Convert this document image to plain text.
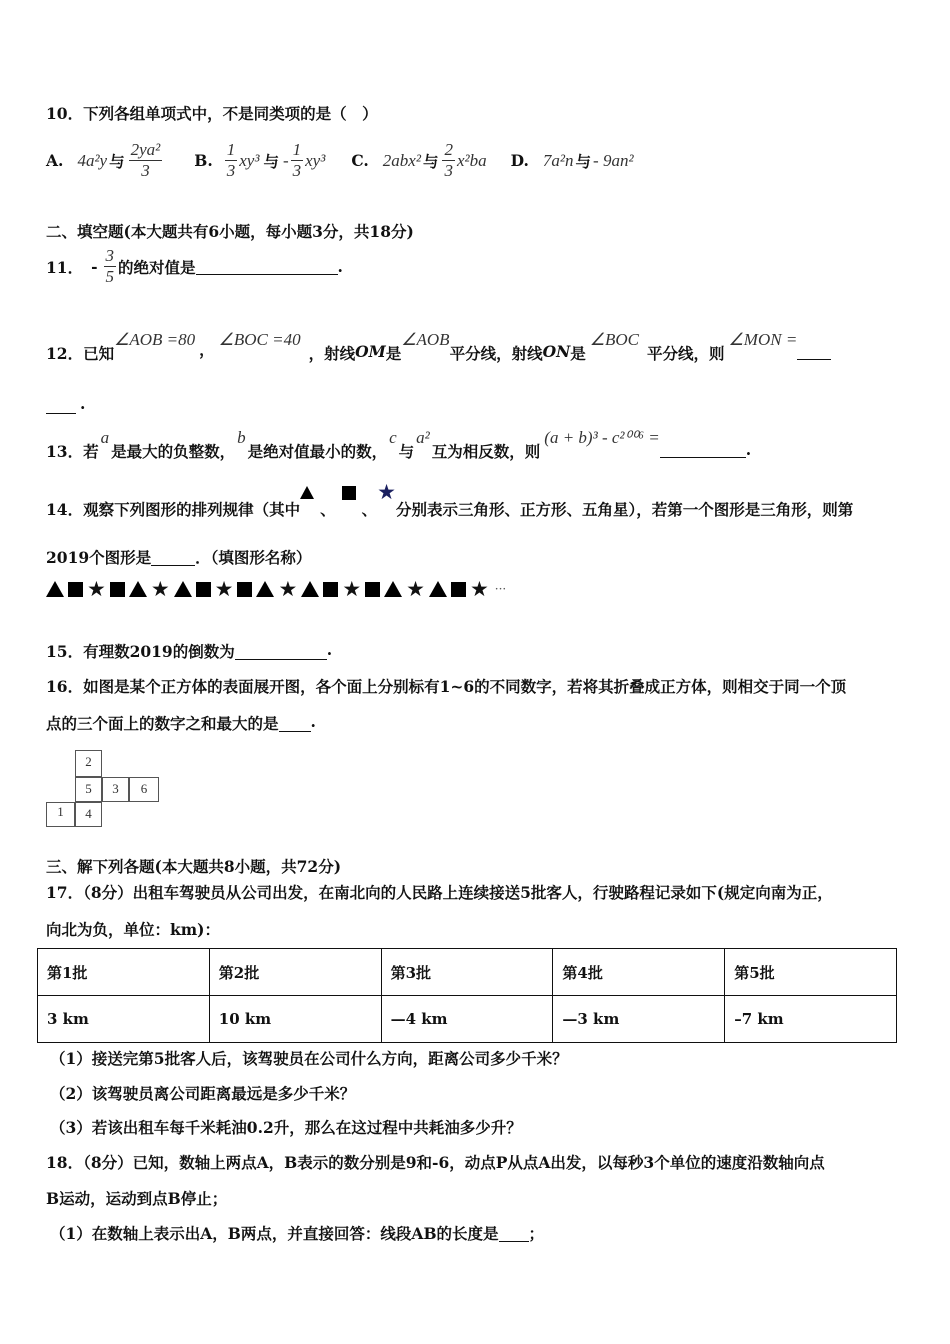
10．下列各组单项式中，不是同类项的是（　）
A. 4a²y 与 $\frac{\text{2ya²}}{3} B$. $\frac{1}{3} xy^3$ 与 - $\frac{1}{3} xy^3$ C. 2abx² 与 $\frac{2}{3} x^2ba$ D. 7a²n 与 - 9an²
二、填空题(本大题共有6小题，每小题3分，共18分)
11． - $\frac{3}{5}$ 的绝对值是	.
12．已知
∠AOB =80
，
∠BOC =40
，射线 OM 是
∠AOB
平分线，射线 ON 是
∠BOC
平分线，则
∠MON =
.
13．若
a
是最大的负整数，
b
是绝对值最小的数，
c
与
a²
互为相反数，则
(a + b)³ - c²⁰⁰⁶ =
.
14．观察下列图形的排列规律（其中 、 、
★
分别表示三角形、正方形、五角星），若第一个图形是三角形，则第
2019个图形是	．（填图形名称）
★ ★ ★ ★ ★ ★ ★ ···
15．有理数2019的倒数为	.
16．如图是某个正方体的表面展开图，各个面上分别标有1~6的不同数字，若将其折叠成正方体，则相交于同一个顶
点的三个面上的数字之和最大的是 .
2
5	3	6
1	4
三、解下列各题(本大题共8小题，共72分)
17．（8分）出租车驾驶员从公司出发，在南北向的人民路上连续接送5批客人，行驶路程记录如下(规定向南为正，
向北为负，单位：km)：
第1批	第2批	第3批	第4批	第5批
3 km	10 km	—4 km	—3 km	–7 km
（1）接送完第5批客人后，该驾驶员在公司什么方向，距离公司多少千米？
（2）该驾驶员离公司距离最远是多少千米？
（3）若该出租车每千米耗油0.2升，那么在这过程中共耗油多少升？
18．（8分）已知，数轴上两点A，B表示的数分别是9和-6，动点P从点A出发，以每秒3个单位的速度沿数轴向点
B运动，运动到点B停止；
（1）在数轴上表示出A，B两点，并直接回答：线段AB的长度是 ；
